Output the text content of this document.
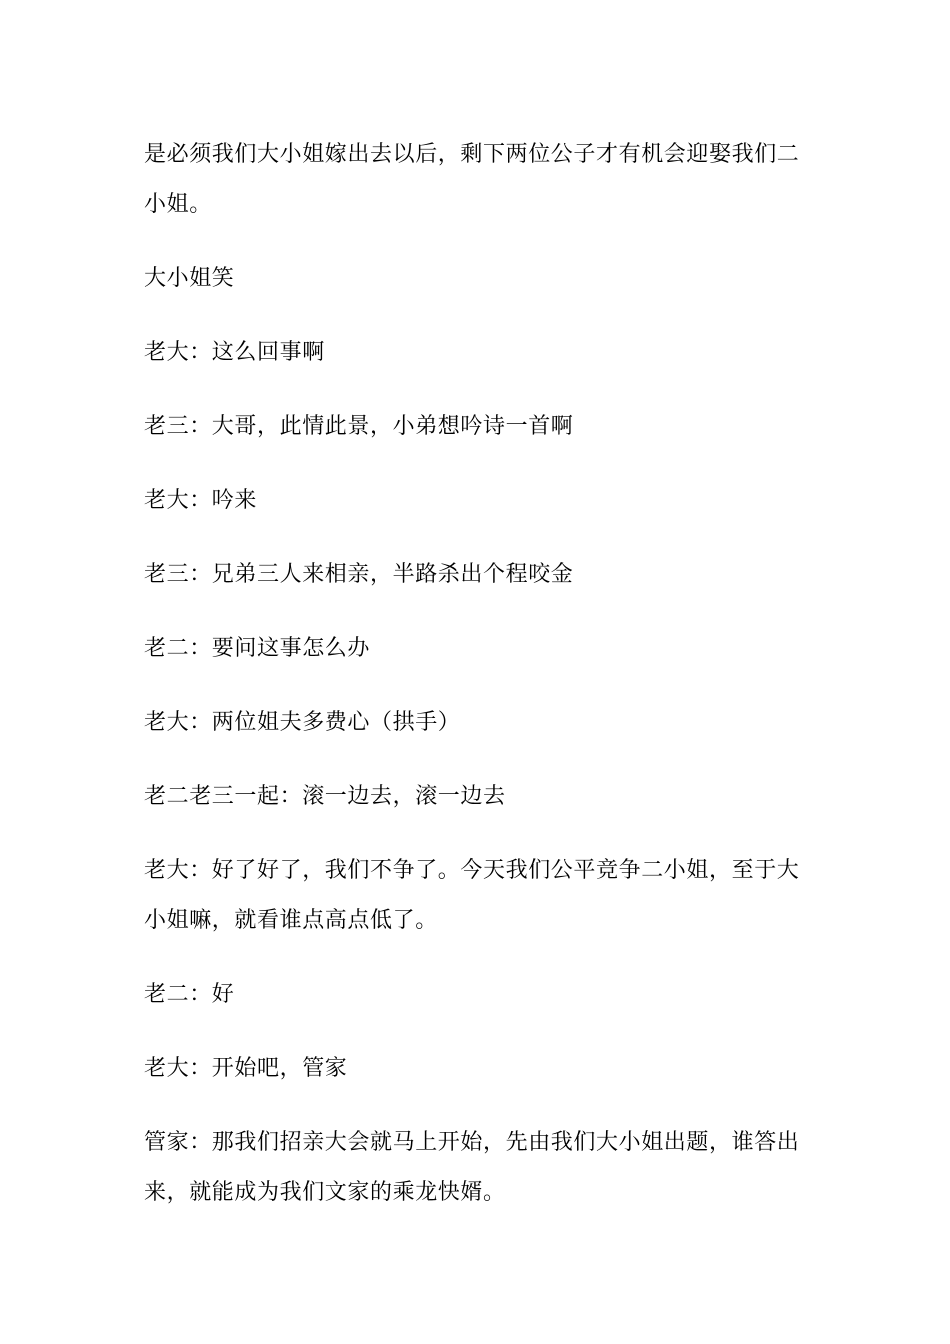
是必须我们大小姐嫁出去以后，剩下两位公子才有机会迎娶我们二小姐。

大小姐笑

老大：这么回事啊

老三：大哥，此情此景，小弟想吟诗一首啊

老大：吟来

老三：兄弟三人来相亲，半路杀出个程咬金

老二：要问这事怎么办

老大：两位姐夫多费心（拱手）

老二老三一起：滚一边去，滚一边去

老大：好了好了，我们不争了。今天我们公平竞争二小姐，至于大小姐嘛，就看谁点高点低了。

老二：好

老大：开始吧，管家

管家：那我们招亲大会就马上开始，先由我们大小姐出题，谁答出来，就能成为我们文家的乘龙快婿。
